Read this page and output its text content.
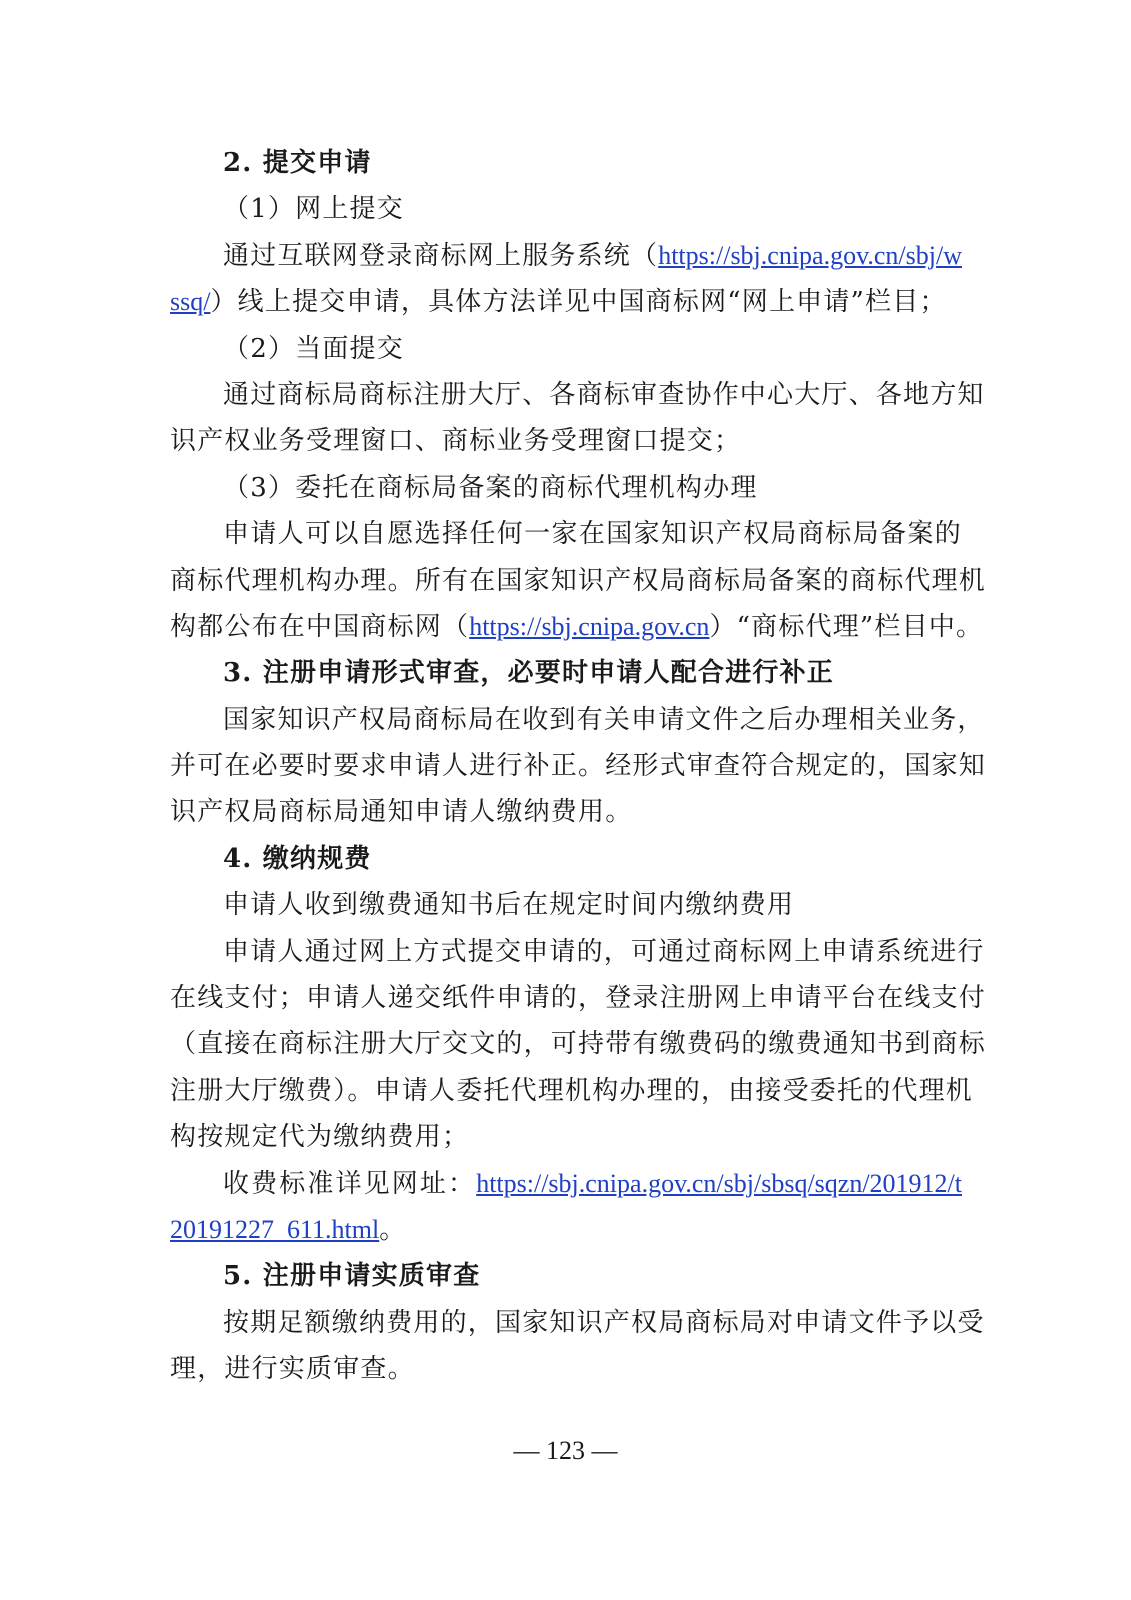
2. 提交申请
（1）网上提交
通过互联网登录商标网上服务系统（https://sbj.cnipa.gov.cn/sbj/w
ssq/）线上提交申请，具体方法详见中国商标网“网上申请”栏目；
（2）当面提交
通过商标局商标注册大厅、各商标审查协作中心大厅、各地方知
识产权业务受理窗口、商标业务受理窗口提交；
（3）委托在商标局备案的商标代理机构办理
申请人可以自愿选择任何一家在国家知识产权局商标局备案的
商标代理机构办理。所有在国家知识产权局商标局备案的商标代理机
构都公布在中国商标网（https://sbj.cnipa.gov.cn）“商标代理”栏目中。
3. 注册申请形式审查，必要时申请人配合进行补正
国家知识产权局商标局在收到有关申请文件之后办理相关业务，
并可在必要时要求申请人进行补正。经形式审查符合规定的，国家知
识产权局商标局通知申请人缴纳费用。
4. 缴纳规费
申请人收到缴费通知书后在规定时间内缴纳费用
申请人通过网上方式提交申请的，可通过商标网上申请系统进行
在线支付；申请人递交纸件申请的，登录注册网上申请平台在线支付
（直接在商标注册大厅交文的，可持带有缴费码的缴费通知书到商标
注册大厅缴费）。申请人委托代理机构办理的，由接受委托的代理机
构按规定代为缴纳费用；
收费标准详见网址：https://sbj.cnipa.gov.cn/sbj/sbsq/sqzn/201912/t
20191227_611.html。
5. 注册申请实质审查
按期足额缴纳费用的，国家知识产权局商标局对申请文件予以受
理，进行实质审查。
— 123 —
